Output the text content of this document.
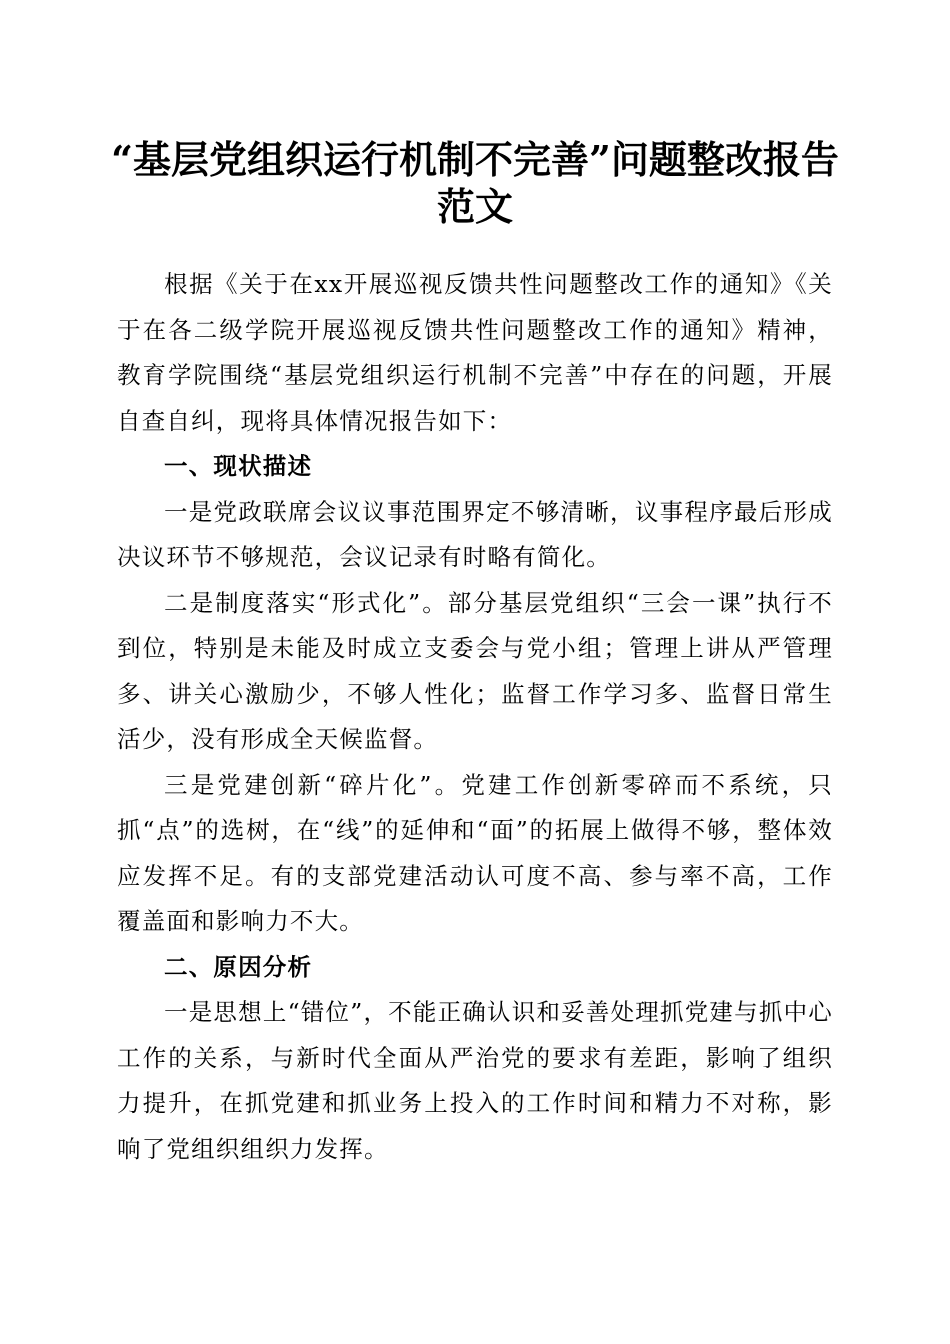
“基层党组织运行机制不完善”问题整改报告
范文

根据《关于在xx开展巡视反馈共性问题整改工作的通知》《关于在各二级学院开展巡视反馈共性问题整改工作的通知》精神，教育学院围绕“基层党组织运行机制不完善”中存在的问题，开展自查自纠，现将具体情况报告如下：

一、现状描述

一是党政联席会议议事范围界定不够清晰，议事程序最后形成决议环节不够规范，会议记录有时略有简化。

二是制度落实“形式化”。部分基层党组织“三会一课”执行不到位，特别是未能及时成立支委会与党小组；管理上讲从严管理多、讲关心激励少，不够人性化；监督工作学习多、监督日常生活少，没有形成全天候监督。

三是党建创新“碎片化”。党建工作创新零碎而不系统，只抓“点”的选树，在“线”的延伸和“面”的拓展上做得不够，整体效应发挥不足。有的支部党建活动认可度不高、参与率不高，工作覆盖面和影响力不大。

二、原因分析

一是思想上“错位”，不能正确认识和妥善处理抓党建与抓中心工作的关系，与新时代全面从严治党的要求有差距，影响了组织力提升，在抓党建和抓业务上投入的工作时间和精力不对称，影响了党组织组织力发挥。
